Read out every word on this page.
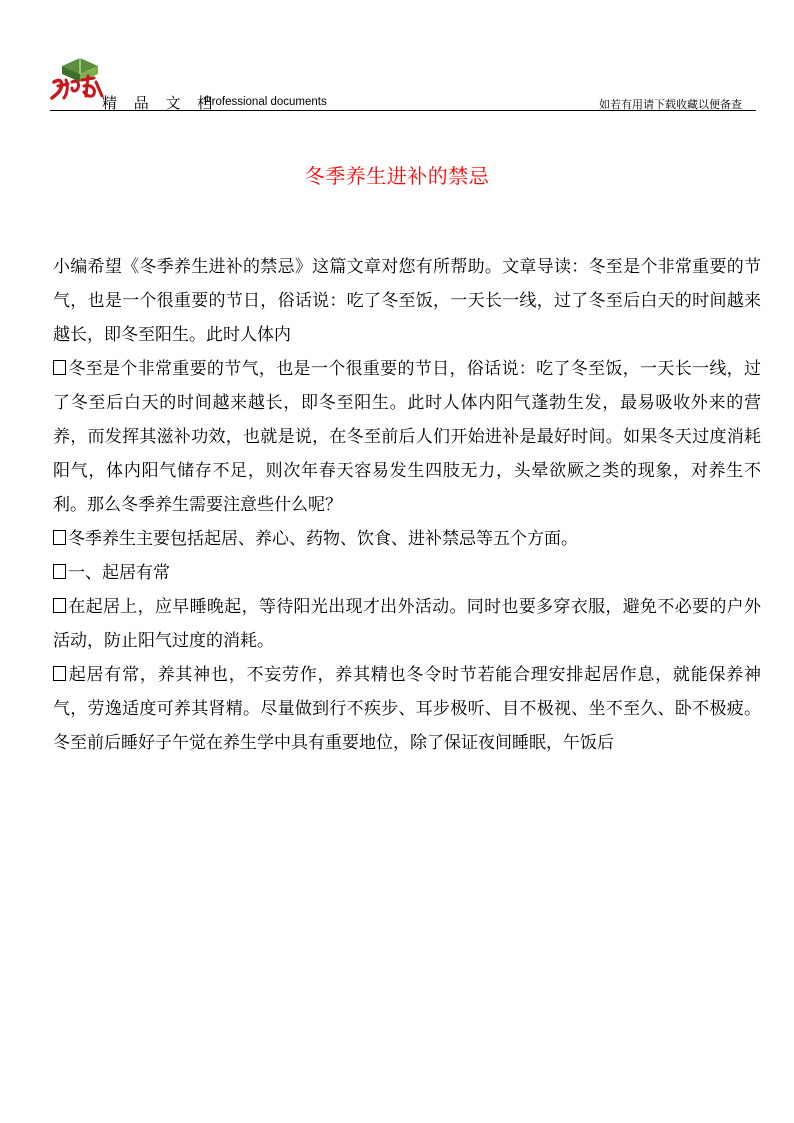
精 品 文 档
Professional documents	如若有用请下载收藏以便备查
冬季养生进补的禁忌

小编希望《冬季养生进补的禁忌》这篇文章对您有所帮助。文章导读：冬至是个非常重要的节气，也是一个很重要的节日，俗话说：吃了冬至饭，一天长一线，过了冬至后白天的时间越来越长，即冬至阳生。此时人体内

冬至是个非常重要的节气，也是一个很重要的节日，俗话说：吃了冬至饭，一天长一线，过了冬至后白天的时间越来越长，即冬至阳生。此时人体内阳气蓬勃生发，最易吸收外来的营养，而发挥其滋补功效，也就是说，在冬至前后人们开始进补是最好时间。如果冬天过度消耗阳气，体内阳气储存不足，则次年春天容易发生四肢无力，头晕欲厥之类的现象，对养生不利。那么冬季养生需要注意些什么呢？

冬季养生主要包括起居、养心、药物、饮食、进补禁忌等五个方面。

一、起居有常

在起居上，应早睡晚起，等待阳光出现才出外活动。同时也要多穿衣服，避免不必要的户外活动，防止阳气过度的消耗。

起居有常，养其神也，不妄劳作，养其精也冬令时节若能合理安排起居作息，就能保养神气，劳逸适度可养其肾精。尽量做到行不疾步、耳步极听、目不极视、坐不至久、卧不极疲。冬至前后睡好子午觉在养生学中具有重要地位，除了保证夜间睡眠，午饭后
